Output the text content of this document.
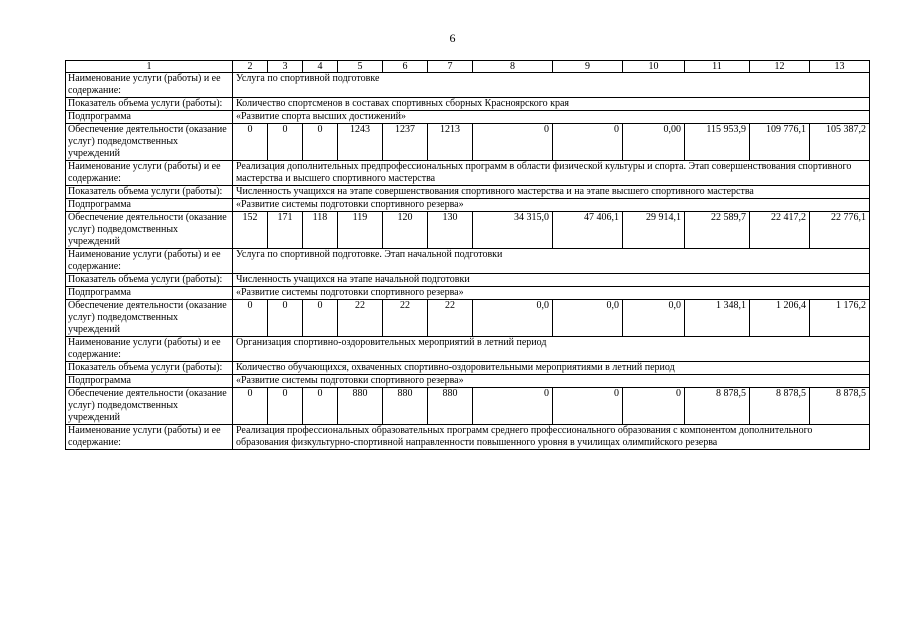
6
1	2	3	4	5	6	7	8	9	10	11	12	13
Наименование услуги (работы) и ее содержание:	Услуга по спортивной подготовке											
Показатель объема услуги (работы):	Количество спортсменов в составах спортивных сборных Красноярского края											
Подпрограмма	«Развитие спорта высших достижений»											
Обеспечение деятельности (оказание услуг) подведомственных учреждений	0	0	0	1243	1237	1213	0	0	0,00	115 953,9	109 776,1	105 387,2
Наименование услуги (работы) и ее содержание:	Реализация дополнительных предпрофессиональных программ в области физической культуры и спорта. Этап совершенствования спортивного мастерства и высшего спортивного мастерства											
Показатель объема услуги (работы):	Численность учащихся на этапе совершенствования спортивного мастерства и на этапе высшего спортивного мастерства											
Подпрограмма	«Развитие системы подготовки спортивного резерва»											
Обеспечение деятельности (оказание услуг) подведомственных учреждений	152	171	118	119	120	130	34 315,0	47 406,1	29 914,1	22 589,7	22 417,2	22 776,1
Наименование услуги (работы) и ее содержание:	Услуга по спортивной подготовке. Этап начальной подготовки											
Показатель объема услуги (работы):	Численность учащихся на этапе начальной подготовки											
Подпрограмма	«Развитие системы подготовки спортивного резерва»											
Обеспечение деятельности (оказание услуг) подведомственных учреждений	0	0	0	22	22	22	0,0	0,0	0,0	1 348,1	1 206,4	1 176,2
Наименование услуги (работы) и ее содержание:	Организация спортивно-оздоровительных мероприятий в летний период											
Показатель объема услуги (работы):	Количество обучающихся, охваченных спортивно-оздоровительными мероприятиями в летний период											
Подпрограмма	«Развитие системы подготовки спортивного резерва»											
Обеспечение деятельности (оказание услуг) подведомственных учреждений	0	0	0	880	880	880	0	0	0	8 878,5	8 878,5	8 878,5
Наименование услуги (работы) и ее содержание:	Реализация профессиональных образовательных программ среднего профессионального образования с компонентом дополнительного образования физкультурно-спортивной направленности повышенного уровня в училищах олимпийского резерва											
